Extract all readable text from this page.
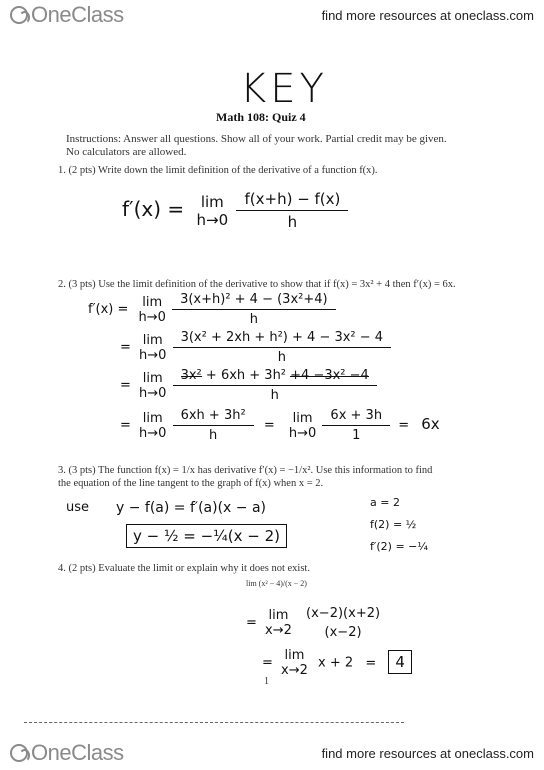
OneClass	find more resources at oneclass.com
KEY
Math 108: Quiz 4
Instructions: Answer all questions. Show all of your work. Partial credit may be given.
No calculators are allowed.
1. (2 pts) Write down the limit definition of the derivative of a function f(x).
f′(x) = lim
h→0
$\frac{f(x+h) - f(x)}{h}$
2. (3 pts) Use the limit definition of the derivative to show that if f(x) = 3x² + 4 then f′(x) = 6x.
f′(x) = lim
h→0
$\frac{\text{3(x+h)² + 4 − (3x²+4)}}{h}$
= lim
h→0
$\frac{\text{3(x² + 2xh + h²) + 4 − 3x² − 4}}{h}$
= lim
h→0
$\frac{\text{3x² + 6xh + 3h² +4 −3x² −4}}{h}$
= lim
h→0
$\frac{\text{6xh + 3h²}}{h}$	= lim
h→0
$\frac{6x + 3h}{1} = 6x$
3. (3 pts) The function f(x) = 1/x has derivative f′(x) = −1/x². Use this information to find
the equation of the line tangent to the graph of f(x) when x = 2.
use y − f(a) = f′(a)(x − a)
y − ½ = −¼(x − 2)
a = 2
f(2) = ½
f′(2) = −¼
4. (2 pts) Evaluate the limit or explain why it does not exist.
lim (x² − 4)/(x − 2)
= lim
x→2

(x−2)(x+2)
(x−2)
= lim
x→2 x + 2 = 4
1
OneClass	find more resources at oneclass.com
